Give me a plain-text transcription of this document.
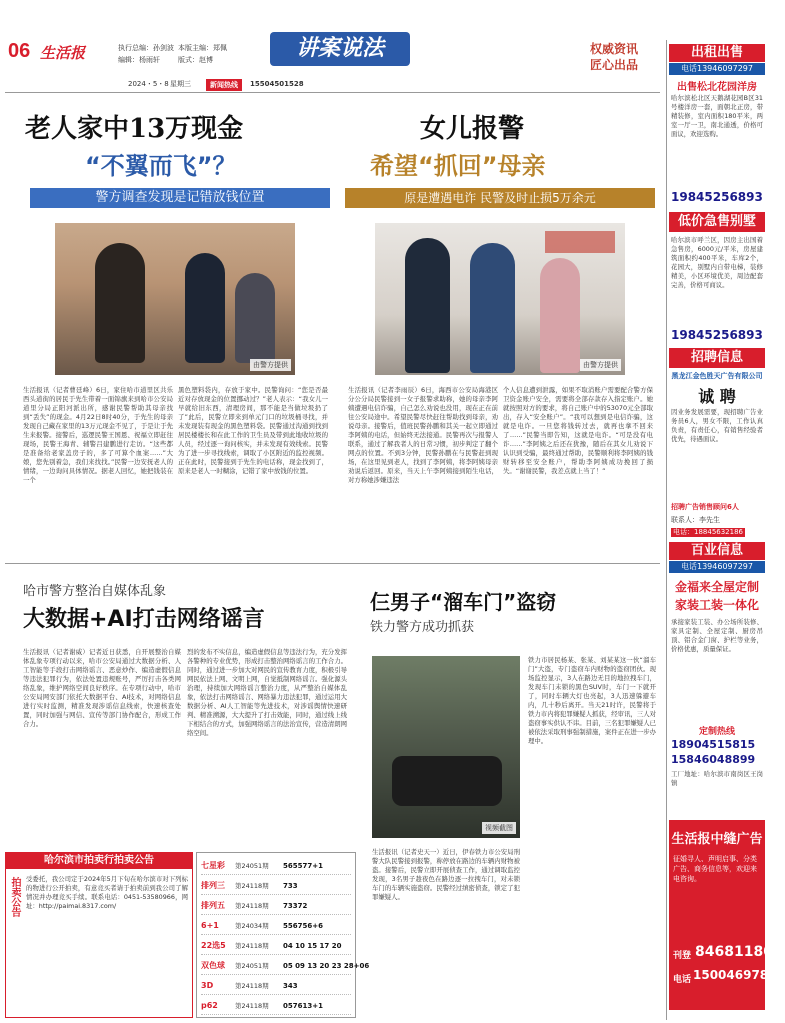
06 生活报	执行总编：孙剑波 本版主编：郑佩
编辑：杨雨轩	版式：赵博	讲案说法	权威资讯
匠心出品
2024・5・8 星期三	新闻热线	15504501528
老人家中13万现金
“不翼而飞”？
警方调查发现是记错放钱位置
由警方提供
生活报讯（记者曹廷峰）6日，家住哈市道里区共乐西头道街的居民于先生带着一面锦旗来到哈市公安局道里分局正阳河派出所，感谢民警帮助其母亲找到“丢失”的现金。4月22日8时40分，于先生的母亲发现自己藏在家里的13万元现金不见了，于是让于先生来报警。接警后，巡逻民警王国恩、祝福立即赶往现场，民警王海青、辅警吕建鹏进行走访。“这些都是准备给老家盖房子的，多了可算个血案……”大娘，您先别着急，我们来找找。”民警一边安抚老人的情绪，一边询问具体情况。据老人回忆，她把钱装在一个
黑色塑料袋内，存放于家中。民警询问：“您是否最近对存放现金的位置挪动过？”老人表示：“我女儿一早就给旧东西，清理房间，那不能是当做垃圾扔了了”此后，民警立即来到单元门口的垃圾桶寻找，并未发现装有现金的黑色塑料袋。民警通过沟通到找到居民楼楼长和在此工作的卫生员及带到此地收垃圾的人员，经过逐一询问核实，并未发现有效线索。民警为了进一步寻找线索，调取了小区附近的监控视频。正在此时，民警接到于先生的电话称，现金找到了，原来是老人一时糊涂，记错了家中放钱的位置。
女儿报警
希望“抓回”母亲
原是遭遇电诈 民警及时止损5万余元
由警方提供
生活报讯（记者李雨辰）6日，海西市公安局海港区分公分局民警接到一女子报警求助称，她的母亲李阿姨遭遇电信诈骗，自己怎么劝说也没用，现在正在前往公安局途中。希望民警尽快赶往帮助找到母亲，劝说母亲。接警后，值班民警孙鹏和其关一起立即通过李阿姨的电话，但始终无法接通。民警再次与报警人联系，通过了解我者人的日常习惯，初步判定了翻个网点的位置。不到3分钟，民警孙鹏在与民警赶到现场，在这里见到老人，找到了李阿姨，将李阿姨母亲劝说后返回。原来，当天上午李阿姨接到陌生电话，对方称她涉嫌违法
个人信息遭到泄露，如果不取消账户需要配合警方保卫资金账户安全，需要将全部存款存入指定账户。她就按照对方的要求，将自己账户中的53070元全部取出，存入“安全账户”。“我可以想到是电信诈骗，这就是电诈。一旦您将钱转过去，就再也拿不回来了……”民警当即告知，这就是电诈。“可是没有电诈……”李阿姨之后还在犹豫，随后在其女儿劝说下认识到受骗，最终通过帮助，民警顺利将李阿姨的钱财转移至安全账户，帮助李阿姨成功挽回了损失。“谢谢民警，我差点就上当了！”
哈市警方整治自媒体乱象
大数据+AI打击网络谣言
生活报讯（记者谢威）记者近日获悉，自开展整治自媒体乱象专项行动以来，哈市公安局通过大数据分析、人工智能等手段打击网络谣言、恶意炒作、编造虚假信息等违法犯罪行为，依法处置违规账号，严厉打击各类网络乱象，维护网络空间良好秩序。在专项行动中，哈市公安局网安部门依托大数据平台、AI技术，对网络信息进行实时监测，精准发现涉谣信息线索，快速核查处置，同时加强与网信、宣传等部门协作配合，形成工作合力。
烈的发布不实信息，编造虚假信息等违法行为，充分发挥各警种的专业优势，形成打击整治网络谣言的工作合力。同时，通过进一步加大对网民的宣传教育力度，积极引导网民依法上网、文明上网，自觉抵制网络谣言。强化源头治理，持续加大网络谣言整治力度，从严整治自媒体乱象，依法打击网络谣言、网络暴力违法犯罪，通过运用大数据分析、AI人工智能等先进技术，对涉谣舆情快速研判、精准溯源，大大提升了打击效能，同时，通过线上线下相结合的方式，加强网络谣言的法治宣传，营造清朗网络空间。
仨男子“溜车门”盗窃
铁力警方成功抓获
视频截图
铁力市居民杨某、张某、刘某某这一伙“溜车门”大盗，专门盗窃车内财物的盗窃团伙。现场监控显示，3人在路边无目的地拉拽车门，发现车门未锁的黑色SUV时，车门一下就开了，同时车辆大灯也亮起，3人迅速躲避车内，几十秒后离开。当天21时许，民警将于铁力市内将犯罪嫌疑人抓获，经审讯，三人对盗窃事实供认不讳。目前，三名犯罪嫌疑人已被依法采取刑事强制措施，案件正在进一步办理中。
生活报讯（记者史天一）近日，伊春铁力市公安局刑警大队民警接到报警，称停放在路边的车辆内财物被盗。接警后，民警立即开展侦查工作，通过调取监控发现，3名男子趁夜色在路边逐一拉拽车门，对未锁车门的车辆实施盗窃。民警经过缜密侦查，锁定了犯罪嫌疑人。
哈尔滨市拍卖行拍卖公告
拍卖公告 受委托，我公司定于2024年5月下旬在哈尔滨市对下列标的物进行公开拍卖，有意竞买者请于拍卖前到我公司了解情况并办理竞买手续。联系电话：0451-53580966，网址：http://paimai.8317.com/
七星彩 第24051期 565577+1
排列三 第24118期 733
排列五 第24118期 73372
6+1 第24034期 556756+6
22选5 第24118期 04 10 15 17 20
双色球 第24051期 05 09 13 20 23 28+06
3D	第24118期 343
p62	第24118期 057613+1
出租出售
电话13946097297
出售松北花园洋房
哈尔滨松北区天鹅湖花园B区31号楼洋房一套，面朝北正房，带精装修，室内面积180平米，两室一厅一卫，南北通透，价格可面议，欢迎选购。
19845256893
低价急售别墅
哈尔滨市呼兰区，因房主出国着急售房，6000元/平米，房屋建筑面积约400平米，车库2个，花园大，别墅内自带电梯，装修精美，小区环境优美，周边配套完善，价格可商议。
19845256893
招聘信息
黑龙江金色胜天广告有限公司
诚 聘
因业务发展需要，现招聘广告业务员6人，男女不限，工作认真负责，有责任心，有销售经验者优先，待遇面议。
招聘广告销售顾问6人
联系人：李先生
电话：18845632186
百业信息
电话13946097297
金福来全屋定制
家装工装一体化
承接家装工装、办公场所装修、家具定制、全屋定制、厨房吊顶、铝合金门窗、护栏等业务，价格优惠，质量保证。
定制热线
18904515815
15846048899
工厂地址：哈尔滨市南岗区王岗镇
生活报中缝广告
征婚寻人、声明启事、分类广告、商务信息等，欢迎来电咨询。
刊登 84681180
电话 15004697804
